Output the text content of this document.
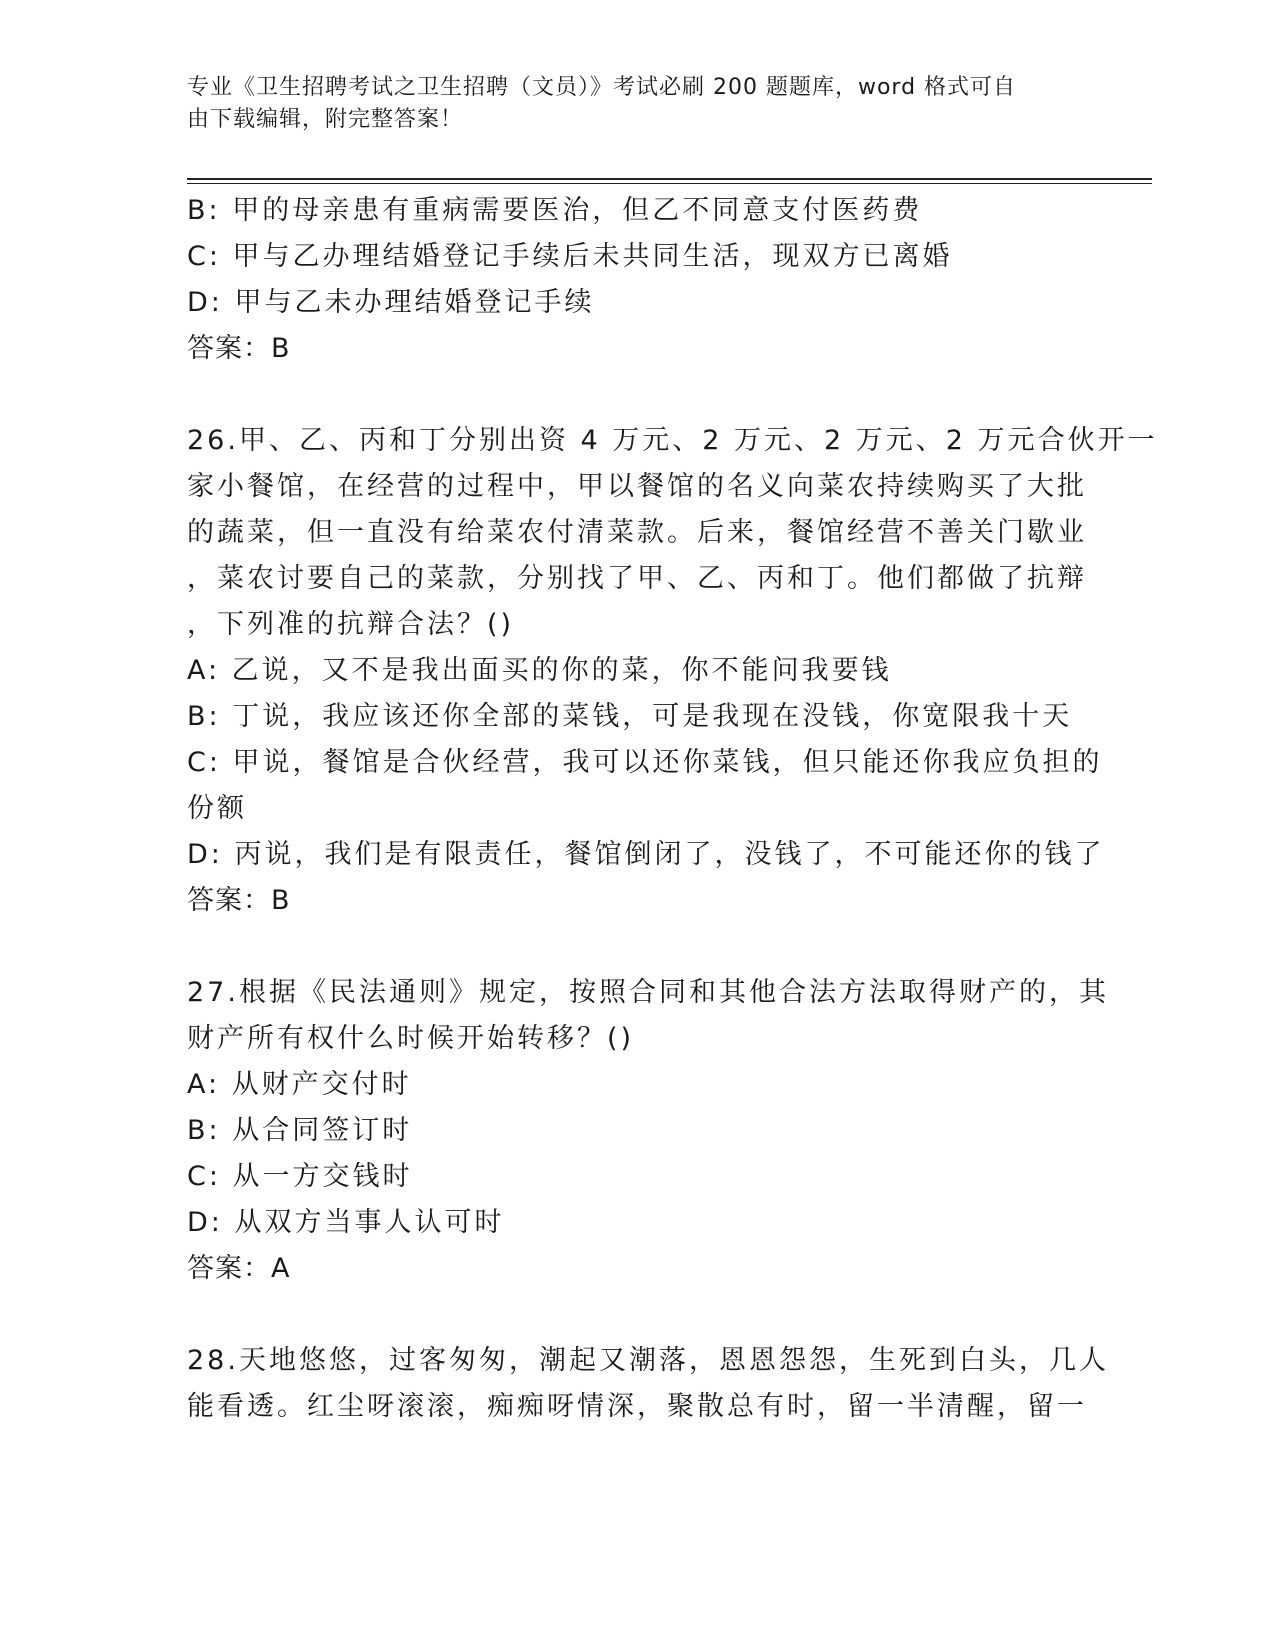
专业《卫生招聘考试之卫生招聘（文员）》考试必刷 200 题题库，word 格式可自
由下载编辑，附完整答案！
B: 甲的母亲患有重病需要医治，但乙不同意支付医药费
C: 甲与乙办理结婚登记手续后未共同生活，现双方已离婚
D: 甲与乙未办理结婚登记手续
答案：B
26.甲、乙、丙和丁分别出资 4 万元、2 万元、2 万元、2 万元合伙开一
家小餐馆，在经营的过程中，甲以餐馆的名义向菜农持续购买了大批
的蔬菜，但一直没有给菜农付清菜款。后来，餐馆经营不善关门歇业
，菜农讨要自己的菜款，分别找了甲、乙、丙和丁。他们都做了抗辩
，下列准的抗辩合法？()
A: 乙说，又不是我出面买的你的菜，你不能问我要钱
B: 丁说，我应该还你全部的菜钱，可是我现在没钱，你宽限我十天
C: 甲说，餐馆是合伙经营，我可以还你菜钱，但只能还你我应负担的
份额
D: 丙说，我们是有限责任，餐馆倒闭了，没钱了，不可能还你的钱了
答案：B
27.根据《民法通则》规定，按照合同和其他合法方法取得财产的，其
财产所有权什么时候开始转移？()
A: 从财产交付时
B: 从合同签订时
C: 从一方交钱时
D: 从双方当事人认可时
答案：A
28.天地悠悠，过客匆匆，潮起又潮落，恩恩怨怨，生死到白头，几人
能看透。红尘呀滚滚，痴痴呀情深，聚散总有时，留一半清醒，留一
